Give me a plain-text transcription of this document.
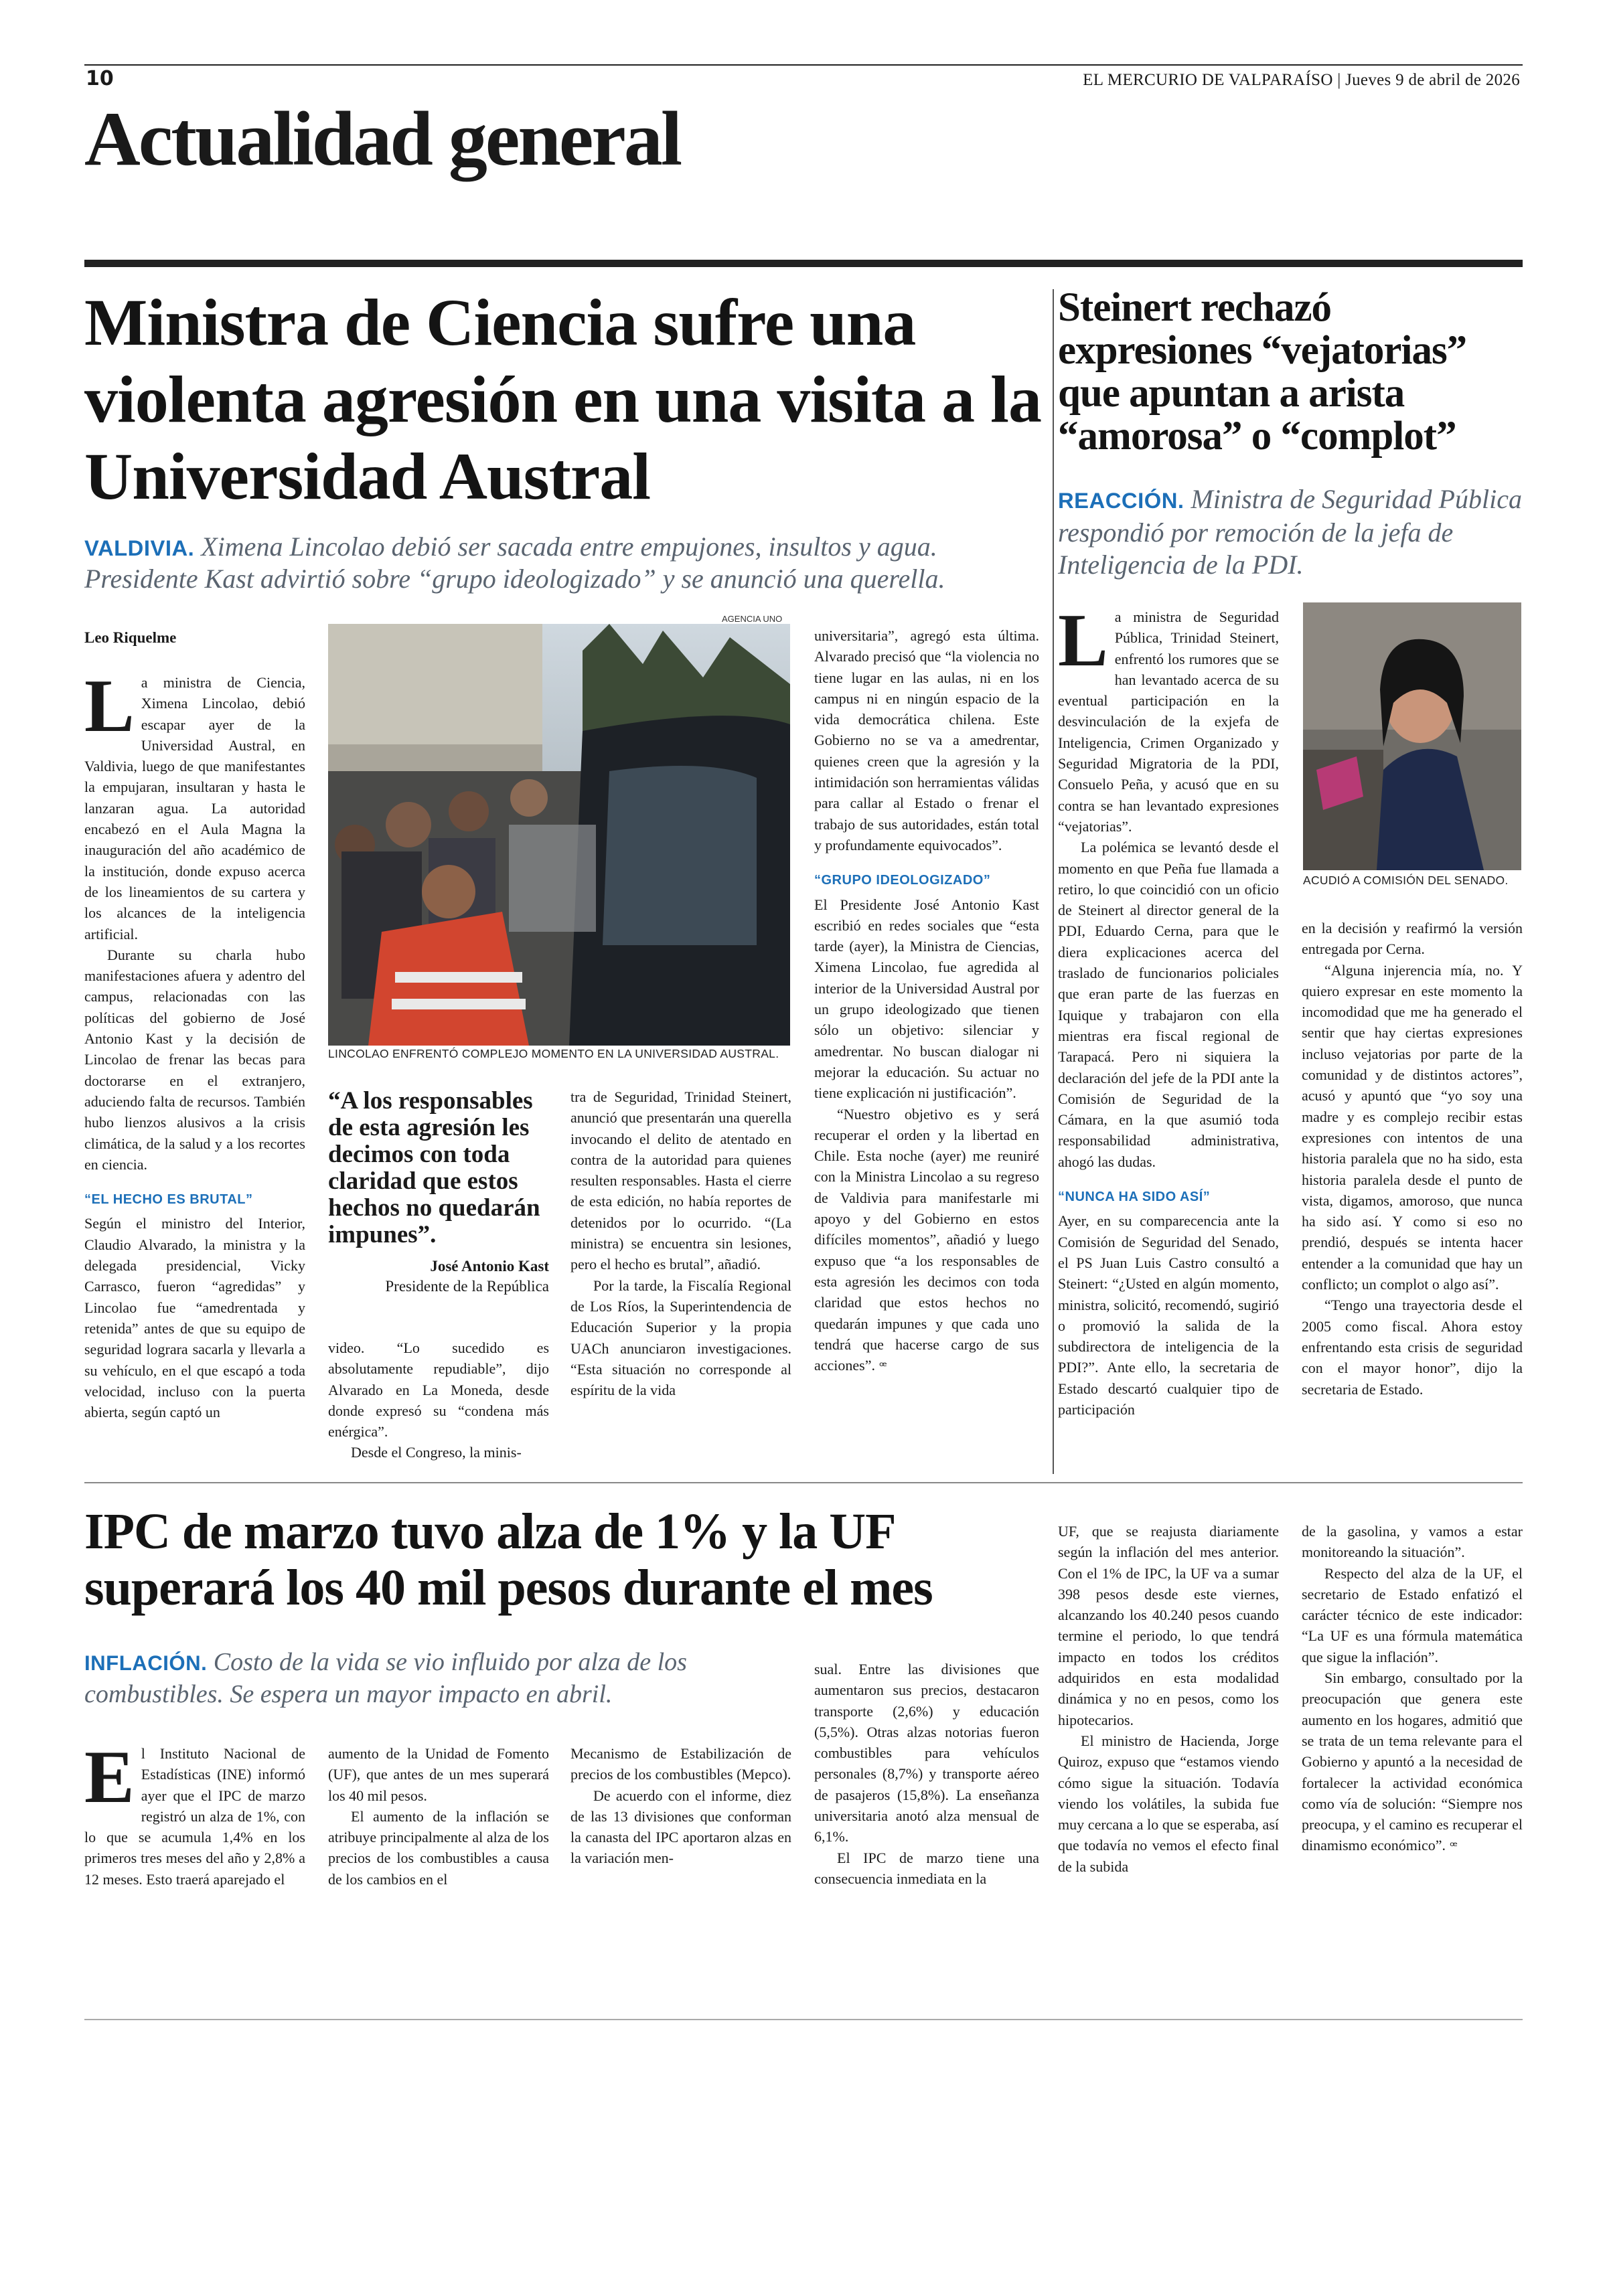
10	EL MERCURIO DE VALPARAÍSO | Jueves 9 de abril de 2026
Actualidad general
Ministra de Ciencia sufre una violenta agresión en una visita a la Universidad Austral
VALDIVIA. Ximena Lincolao debió ser sacada entre empujones, insultos y agua. Presidente Kast advirtió sobre “grupo ideologizado” y se anunció una querella.
Leo Riquelme

La ministra de Ciencia, Ximena Lincolao, debió escapar ayer de la Universidad Austral, en Valdivia, luego de que manifestantes la empujaran, insultaran y hasta le lanzaran agua. La autoridad encabezó en el Aula Magna la inauguración del año académico de la institución, donde expuso acerca de los lineamientos de su cartera y los alcances de la inteligencia artificial.

Durante su charla hubo manifestaciones afuera y adentro del campus, relacionadas con las políticas del gobierno de José Antonio Kast y la decisión de Lincolao de frenar las becas para doctorarse en el extranjero, aduciendo falta de recursos. También hubo lienzos alusivos a la crisis climática, de la salud y a los recortes en ciencia.

“EL HECHO ES BRUTAL”

Según el ministro del Interior, Claudio Alvarado, la ministra y la delegada presidencial, Vicky Carrasco, fueron “agredidas” y Lincolao fue “amedrentada y retenida” antes de que su equipo de seguridad lograra sacarla y llevarla a su vehículo, en el que escapó a toda velocidad, incluso con la puerta abierta, según captó un

AGENCIA UNO
LINCOLAO ENFRENTÓ COMPLEJO MOMENTO EN LA UNIVERSIDAD AUSTRAL.
“A los responsables de esta agresión les decimos con toda claridad que estos hechos no quedarán impunes”.
José Antonio Kast
Presidente de la República

video. “Lo sucedido es absolutamente repudiable”, dijo Alvarado en La Moneda, desde donde expresó su “condena más enérgica”.

Desde el Congreso, la minis-

tra de Seguridad, Trinidad Steinert, anunció que presentarán una querella invocando el delito de atentado en contra de la autoridad para quienes resulten responsables. Hasta el cierre de esta edición, no había reportes de detenidos por lo ocurrido. “(La ministra) se encuentra sin lesiones, pero el hecho es brutal”, añadió.

Por la tarde, la Fiscalía Regional de Los Ríos, la Superintendencia de Educación Superior y la propia UACh anunciaron investigaciones. “Esta situación no corresponde al espíritu de la vida

universitaria”, agregó esta última. Alvarado precisó que “la violencia no tiene lugar en las aulas, ni en los campus ni en ningún espacio de la vida democrática chilena. Este Gobierno no se va a amedrentar, quienes creen que la agresión y la intimidación son herramientas válidas para callar al Estado o frenar el trabajo de sus autoridades, están total y profundamente equivocados”.

“GRUPO IDEOLOGIZADO”

El Presidente José Antonio Kast escribió en redes sociales que “esta tarde (ayer), la Ministra de Ciencias, Ximena Lincolao, fue agredida al interior de la Universidad Austral por un grupo ideologizado que tienen sólo un objetivo: silenciar y amedrentar. No buscan dialogar ni mejorar la educación. Su actuar no tiene explicación ni justificación”.

“Nuestro objetivo es y será recuperar el orden y la libertad en Chile. Esta noche (ayer) me reuniré con la Ministra Lincolao a su regreso de Valdivia para manifestarle mi apoyo y del Gobierno en estos difíciles momentos”, añadió y luego expuso que “a los responsables de esta agresión les decimos con toda claridad que estos hechos no quedarán impunes y que cada uno tendrá que hacerse cargo de sus acciones”. ꟹ

Steinert rechazó expresiones “vejatorias” que apuntan a arista “amorosa” o “complot”
REACCIÓN. Ministra de Seguridad Pública respondió por remoción de la jefa de Inteligencia de la PDI.

La ministra de Seguridad Pública, Trinidad Steinert, enfrentó los rumores que se han levantado acerca de su eventual participación en la desvinculación de la exjefa de Inteligencia, Crimen Organizado y Seguridad Migratoria de la PDI, Consuelo Peña, y acusó que en su contra se han levantado expresiones “vejatorias”.

La polémica se levantó desde el momento en que Peña fue llamada a retiro, lo que coincidió con un oficio de Steinert al director general de la PDI, Eduardo Cerna, para que le diera explicaciones acerca del traslado de funcionarios policiales que eran parte de las fuerzas en Iquique y trabajaron con ella mientras era fiscal regional de Tarapacá. Pero ni siquiera la declaración del jefe de la PDI ante la Comisión de Seguridad de la Cámara, en la que asumió toda responsabilidad administrativa, ahogó las dudas.

“NUNCA HA SIDO ASÍ”

Ayer, en su comparecencia ante la Comisión de Seguridad del Senado, el PS Juan Luis Castro consultó a Steinert: “¿Usted en algún momento, ministra, solicitó, recomendó, sugirió o promovió la salida de la subdirectora de inteligencia de la PDI?”. Ante ello, la secretaria de Estado descartó cualquier tipo de participación

ACUDIÓ A COMISIÓN DEL SENADO.

en la decisión y reafirmó la versión entregada por Cerna.

“Alguna injerencia mía, no. Y quiero expresar en este momento la incomodidad que me ha generado el sentir que hay ciertas expresiones incluso vejatorias por parte de la comunidad y de distintos actores”, acusó y apuntó que “yo soy una madre y es complejo recibir estas expresiones con intentos de una historia paralela que no ha sido, esta historia paralela desde el punto de vista, digamos, amoroso, que nunca ha sido así. Y como si eso no prendió, después se intenta hacer entender a la comunidad que hay un conflicto; un complot o algo así”.

“Tengo una trayectoria desde el 2005 como fiscal. Ahora estoy enfrentando esta crisis de seguridad con el mayor honor”, dijo la secretaria de Estado.

IPC de marzo tuvo alza de 1% y la UF superará los 40 mil pesos durante el mes
INFLACIÓN. Costo de la vida se vio influido por alza de los combustibles. Se espera un mayor impacto en abril.

El Instituto Nacional de Estadísticas (INE) informó ayer que el IPC de marzo registró un alza de 1%, con lo que se acumula 1,4% en los primeros tres meses del año y 2,8% a 12 meses. Esto traerá aparejado el

aumento de la Unidad de Fomento (UF), que antes de un mes superará los 40 mil pesos.

El aumento de la inflación se atribuye principalmente al alza de los precios de los combustibles a causa de los cambios en el

Mecanismo de Estabilización de precios de los combustibles (Mepco).

De acuerdo con el informe, diez de las 13 divisiones que conforman la canasta del IPC aportaron alzas en la variación men-

sual. Entre las divisiones que aumentaron sus precios, destacaron transporte (2,6%) y educación (5,5%). Otras alzas notorias fueron combustibles para vehículos personales (8,7%) y transporte aéreo de pasajeros (15,8%). La enseñanza universitaria anotó alza mensual de 6,1%.

El IPC de marzo tiene una consecuencia inmediata en la

UF, que se reajusta diariamente según la inflación del mes anterior. Con el 1% de IPC, la UF va a sumar 398 pesos desde este viernes, alcanzando los 40.240 pesos cuando termine el periodo, lo que tendrá impacto en todos los créditos adquiridos en esta modalidad dinámica y no en pesos, como los hipotecarios.

El ministro de Hacienda, Jorge Quiroz, expuso que “estamos viendo cómo sigue la situación. Todavía viendo los volátiles, la subida fue muy cercana a lo que se esperaba, así que todavía no vemos el efecto final de la subida

de la gasolina, y vamos a estar monitoreando la situación”.

Respecto del alza de la UF, el secretario de Estado enfatizó el carácter técnico de este indicador: “La UF es una fórmula matemática que sigue la inflación”.

Sin embargo, consultado por la preocupación que genera este aumento en los hogares, admitió que se trata de un tema relevante para el Gobierno y apuntó a la necesidad de fortalecer la actividad económica como vía de solución: “Siempre nos preocupa, y el camino es recuperar el dinamismo económico”. ꟹ
